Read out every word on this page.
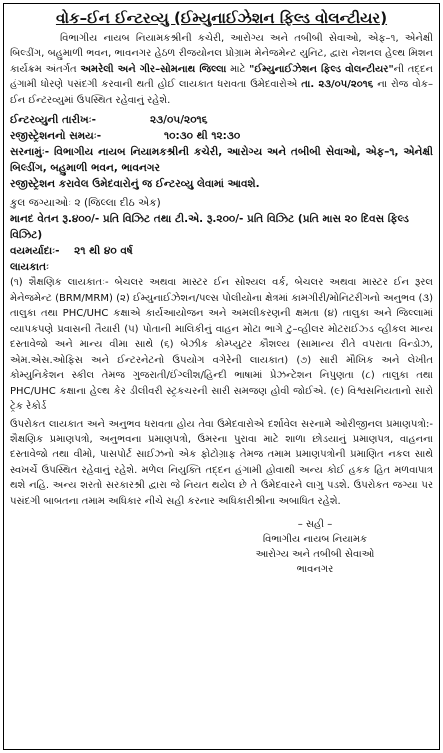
વોક–ઈન ઈન્ટરવ્યુ (ઈમ્યુનાઈઝેશન ફિલ્ડ વોલન્ટીયર)
વિભાગીય નાયબ નિયામકશ્રીની કચેરી, આરોગ્ય અને તબીબી સેવાઓ, એફ–૧, એનેક્ષી બિલ્ડીંગ, બહુમાળી ભવન, ભાવનગર હેઠળ રીજયોનલ પ્રોગ્રામ મેનેજમેન્ટ યુનિટ, દ્વારા નેશનલ હેલ્થ મિશન કાર્યક્રમ અંતર્ગત અમરેલી અને ગીર–સોમનાથ જિલ્લા માટે "ઈમ્યુનાઈઝેશન ફિલ્ડ વોલન્ટીયર"ની તદ્દન હંગામી ધોરણે પસંદગી કરવાની થતી હોઈ લાયકાત ધરાવતા ઉમેદવારોએ તા. ૨૩/૦૫/૨૦૧૬ ના રોજ વોક–ઈન ઈન્ટરવ્યુમાં ઉપસ્થિત રહેવાનું રહેશે.
ઈન્ટરવ્યુની તારીખઃ-	૨૩/૦૫/૨૦૧૬
રજીસ્ટ્રેશનનો સમયઃ-	૧૦:૩૦ થી ૧૨:૩૦
સરનામુંઃ- વિભાગીય નાયબ નિયામકશ્રીની કચેરી, આરોગ્ય અને તબીબી સેવાઓ, એફ–૧, એનેક્ષી બિલ્ડીંગ, બહુમાળી ભવન, ભાવનગર
રજીસ્ટ્રેશન કરાવેલ ઉમેદવારોનું જ ઈન્ટરવ્યુ લેવામાં આવશે.
કુલ જગ્યાઓઃ ૨ (જિલ્લા દીઠ એક)
માનદ વેતન રૂ.૪૦૦/- પ્રતિ વિઝિટ તથા ટી.એ. રૂ.૨૦૦/- પ્રતિ વિઝિટ (પ્રતિ માસ ૨૦ દિવસ ફિલ્ડ વિઝિટ)
વયમર્યાદાઃ- ૨૧ થી ૪૦ વર્ષ
લાયકાતઃ
(૧) શૈક્ષણિક લાયકાતઃ- બેચલર અથવા માસ્ટર ઈન સોશ્યલ વર્ક, બેચલર અથવા માસ્ટર ઈન રૂરલ મેનેજમેન્ટ (BRM/MRM) (૨) ઈમ્યુનાઈઝેશન/પલ્સ પોલીયોના ક્ષેત્રમાં કામગીરી/મોનિટરીંગનો અનુભવ (૩) તાલુકા તથા PHC/UHC કક્ષાએ કાર્યઆયોજન અને અમલીકરણની ક્ષમતા (૪) તાલુકા અને જિલ્લામાં વ્યાપકપણે પ્રવાસની તૈયારી (૫) પોતાની માલિકીનું વાહન મોટા ભાગે ટુ–વ્હીલર મોટરાઈઝ્ડ વ્હીકલ માન્ય દસ્તાવેજો અને માન્ય વીમા સાથે (૬) બેઝીક કોમ્પ્યુટર કૌશલ્ય (સામાન્ય રીતે વપરાતા વિન્ડોઝ, એમ.એસ.ઓફિસ અને ઈન્ટરનેટનો ઉપયોગ વગેરેની લાયકાત) (૭) સારી મૌખિક અને લેખીત કોમ્યુનિકેશન સ્કીલ તેમજ ગુજરાતી/ઈંગ્લીશ/હિન્દી ભાષામાં પ્રેઝન્ટેશન નિપુણતા (૮) તાલુકા તથા PHC/UHC કક્ષાના હેલ્થ કેર ડીલીવરી સ્ટ્રકચરની સારી સમજણ હોવી જોઈએ. (૯) વિશ્વસનિયતાનો સારો ટ્રેક રેકોર્ડ
ઉપરોકત લાયકાત અને અનુભવ ધરાવતા હોય તેવા ઉમેદવારોએ દર્શાવેલ સરનામે ઓરીજીનલ પ્રમાણપત્રો:- શૈક્ષણિક પ્રમાણપત્રો, અનુભવના પ્રમાણપત્રો, ઉમરના પુરાવા માટે શાળા છોડયાનું પ્રમાણપત્ર, વાહનના દસ્તાવેજો તથા વીમો, પાસપોર્ટ સાઈઝનો એક ફોટોગ્રાફ તેમજ તમામ પ્રમાણપત્રોની પ્રમાણિત નકલ સાથે સ્વખર્ચે ઉપસ્થિત રહેવાનું રહેશે. મળેલ નિયુક્તિ તદ્દન હંગામી હોવાથી અન્ય કોઈ હકક હિત મળવાપાત્ર થશે નહિ. અન્ય શરતો સરકારશ્રી દ્વારા જે નિયત થયેલ છે તે ઉમેદવારને લાગુ પડશે. ઉપરોકત જગ્યા પર પસંદગી બાબતના તમામ અધિકાર નીચે સહી કરનાર અધિકારીશ્રીના અબાધિત રહેશે.
– સહી –
વિભાગીય નાયબ નિયામક
આરોગ્ય અને તબીબી સેવાઓ
ભાવનગર
